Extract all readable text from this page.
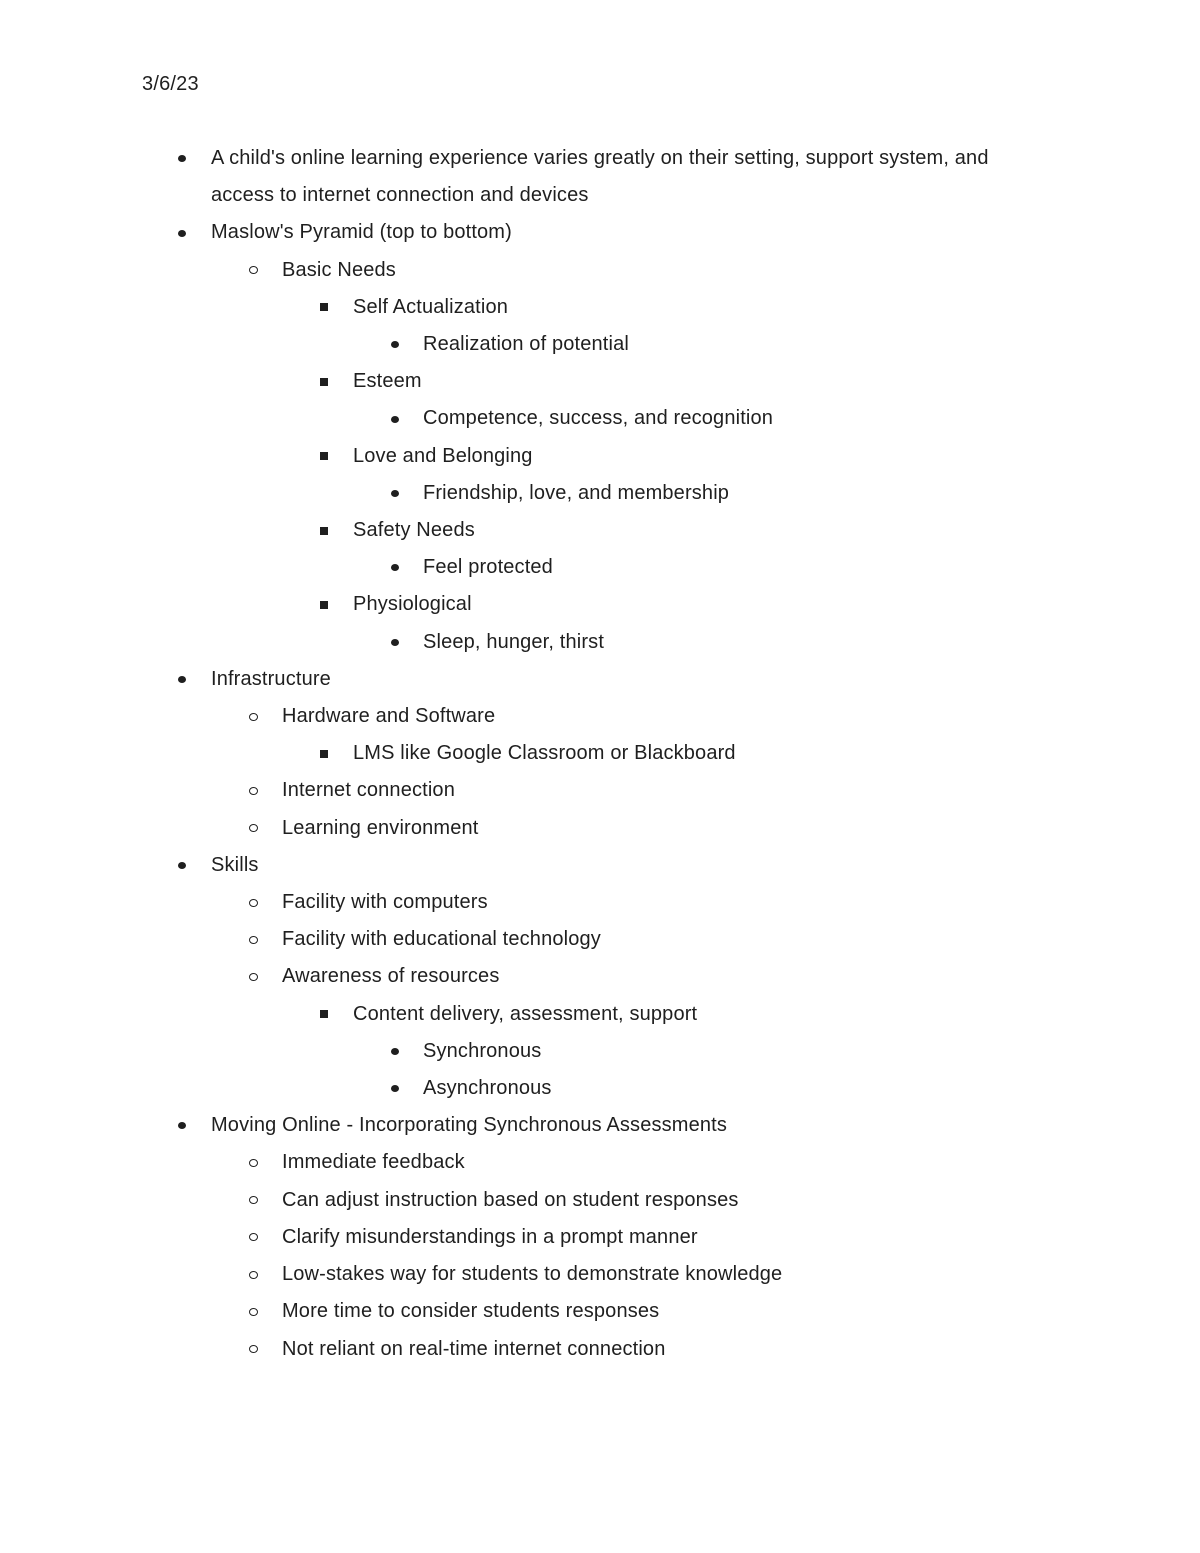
3/6/23
A child's online learning experience varies greatly on their setting, support system, and access to internet connection and devices
Maslow's Pyramid (top to bottom)
Basic Needs
Self Actualization
Realization of potential
Esteem
Competence, success, and recognition
Love and Belonging
Friendship, love, and membership
Safety Needs
Feel protected
Physiological
Sleep, hunger, thirst
Infrastructure
Hardware and Software
LMS like Google Classroom or Blackboard
Internet connection
Learning environment
Skills
Facility with computers
Facility with educational technology
Awareness of resources
Content delivery, assessment, support
Synchronous
Asynchronous
Moving Online - Incorporating Synchronous Assessments
Immediate feedback
Can adjust instruction based on student responses
Clarify misunderstandings in a prompt manner
Low-stakes way for students to demonstrate knowledge
More time to consider students responses
Not reliant on real-time internet connection
